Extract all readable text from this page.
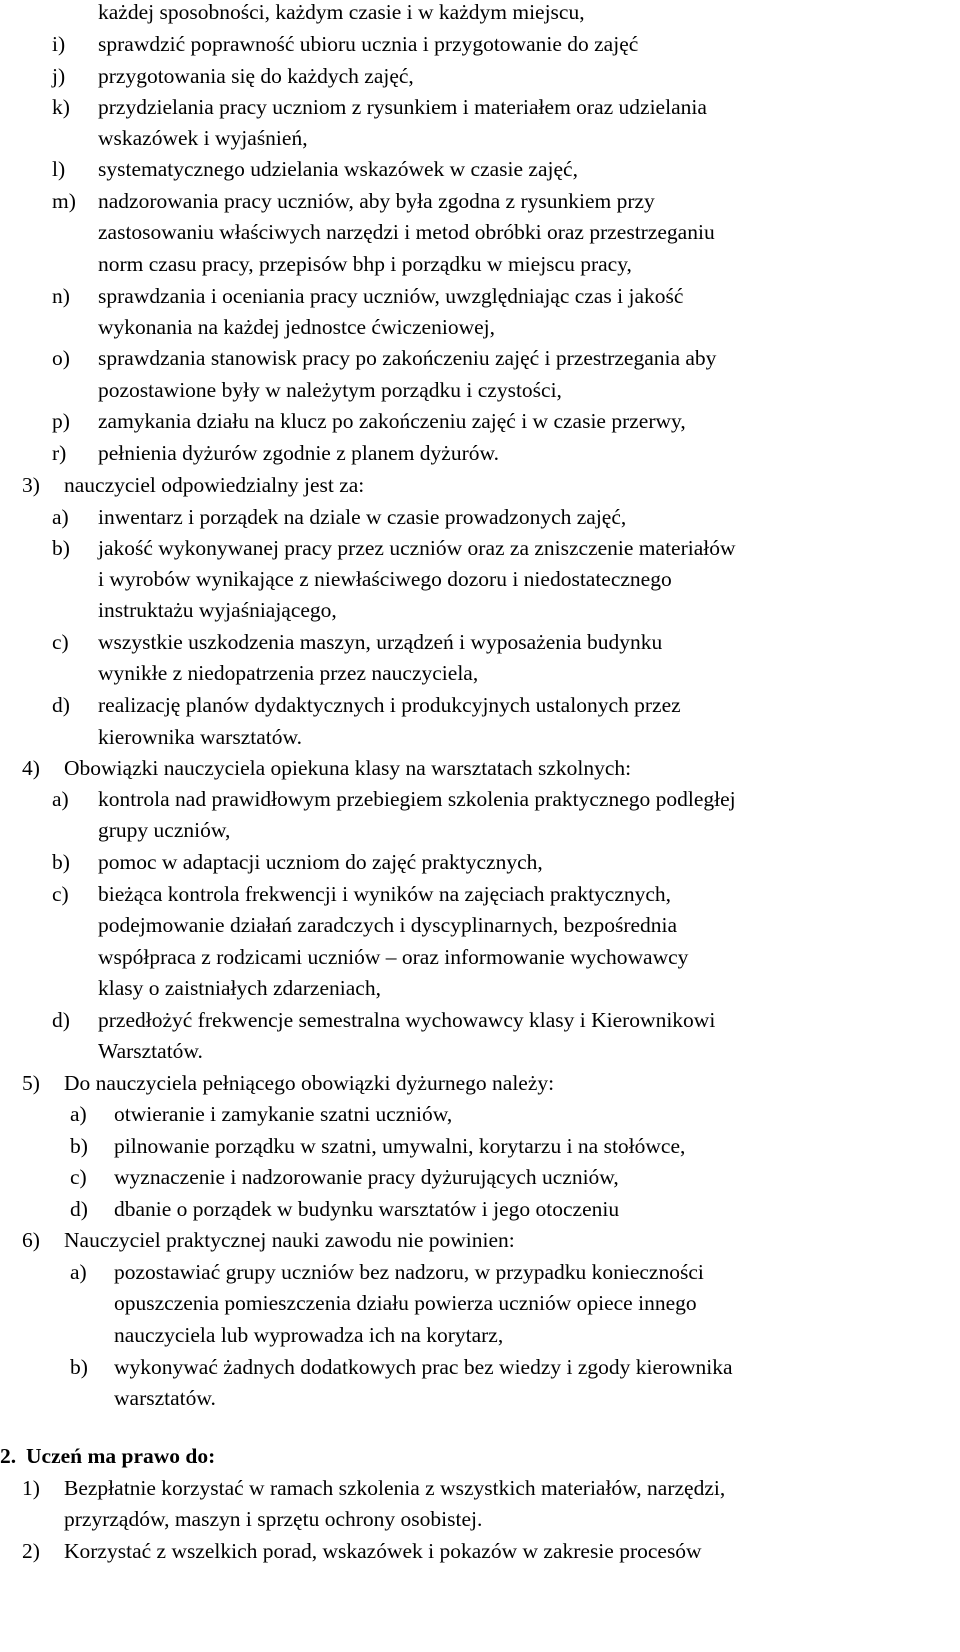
każdej sposobności, każdym czasie i w każdym miejscu,
i) sprawdzić poprawność ubioru ucznia i przygotowanie do zajęć
j) przygotowania się do każdych zajęć,
k) przydzielania pracy uczniom z rysunkiem i materiałem oraz udzielania
wskazówek i wyjaśnień,
l) systematycznego udzielania wskazówek w czasie zajęć,
m) nadzorowania pracy uczniów, aby była zgodna z rysunkiem przy
zastosowaniu właściwych narzędzi i metod obróbki oraz przestrzeganiu
norm czasu pracy, przepisów bhp i porządku w miejscu pracy,
n) sprawdzania i oceniania pracy uczniów, uwzględniając czas i jakość
wykonania na każdej jednostce ćwiczeniowej,
o) sprawdzania stanowisk pracy po zakończeniu zajęć i przestrzegania aby
pozostawione były w należytym porządku i czystości,
p) zamykania działu na klucz po zakończeniu zajęć i w czasie przerwy,
r) pełnienia dyżurów zgodnie z planem dyżurów.
3) nauczyciel odpowiedzialny jest za:
a) inwentarz i porządek na dziale w czasie prowadzonych zajęć,
b) jakość wykonywanej pracy przez uczniów oraz za zniszczenie materiałów
i wyrobów wynikające z niewłaściwego dozoru i niedostatecznego
instruktażu wyjaśniającego,
c) wszystkie uszkodzenia maszyn, urządzeń i wyposażenia budynku
wynikłe z niedopatrzenia przez nauczyciela,
d) realizację planów dydaktycznych i produkcyjnych ustalonych przez
kierownika warsztatów.
4) Obowiązki nauczyciela opiekuna klasy na warsztatach szkolnych:
a) kontrola nad prawidłowym przebiegiem szkolenia praktycznego podległej
grupy uczniów,
b) pomoc w adaptacji uczniom do zajęć praktycznych,
c) bieżąca kontrola frekwencji i wyników na zajęciach praktycznych,
podejmowanie działań zaradczych i dyscyplinarnych, bezpośrednia
współpraca z rodzicami uczniów – oraz informowanie wychowawcy
klasy o zaistniałych zdarzeniach,
d) przedłożyć frekwencje semestralna wychowawcy klasy i Kierownikowi
Warsztatów.
5) Do nauczyciela pełniącego obowiązki dyżurnego należy:
a) otwieranie i zamykanie szatni uczniów,
b) pilnowanie porządku w szatni, umywalni, korytarzu i na stołówce,
c) wyznaczenie i nadzorowanie pracy dyżurujących uczniów,
d) dbanie o porządek w budynku warsztatów i jego otoczeniu
6) Nauczyciel praktycznej nauki zawodu nie powinien:
a) pozostawiać grupy uczniów bez nadzoru, w przypadku konieczności
opuszczenia pomieszczenia działu powierza uczniów opiece innego
nauczyciela lub wyprowadza ich na korytarz,
b) wykonywać żadnych dodatkowych prac bez wiedzy i zgody kierownika
warsztatów.
2. Uczeń ma prawo do:
1) Bezpłatnie korzystać w ramach szkolenia z wszystkich materiałów, narzędzi,
przyrządów, maszyn i sprzętu ochrony osobistej.
2) Korzystać z wszelkich porad, wskazówek i pokazów w zakresie procesów
